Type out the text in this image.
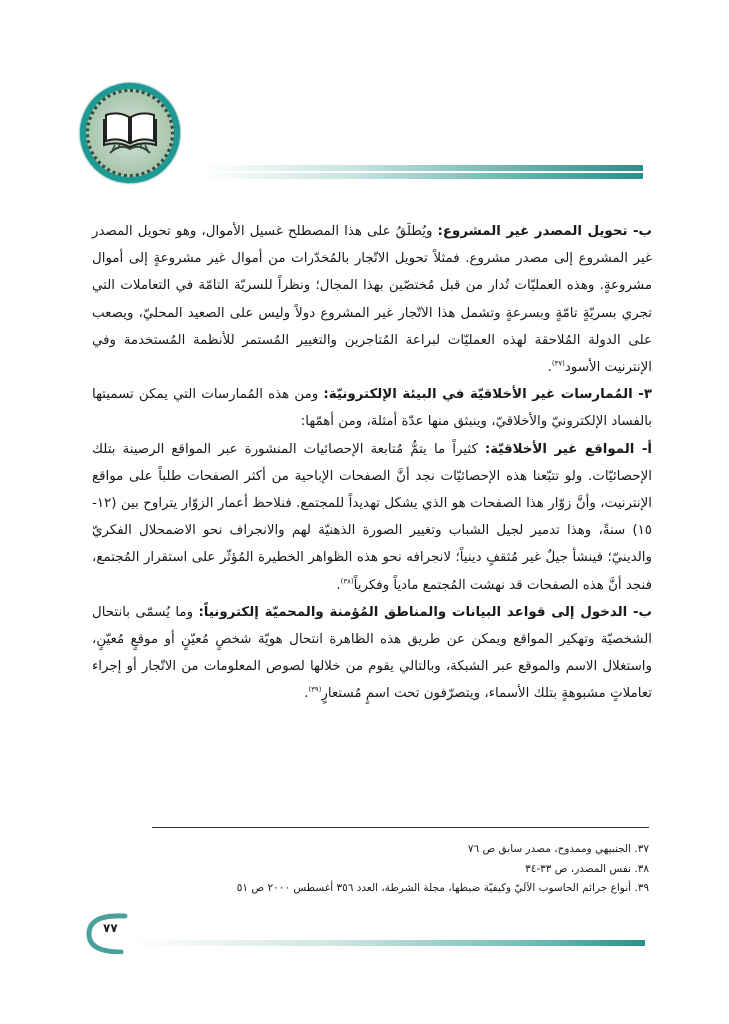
ب- تحويل المصدر غير المشروع: ويُطلَقُ على هذا المصطلح غسيل الأموال، وهو تحويل المصدر غير المشروع إلى مصدر مشروع. فمثلاً تحويل الاتّجار بالمُخدّرات من أموال غير مشروعةٍ إلى أموال مشروعةٍ. وهذه العمليّات تُدار من قبل مُختصّين بهذا المجال؛ ونظراً للسريّة التامّة في التعاملات التي تجري بسريّةٍ تامّةٍ وبسرعةٍ وتشمل هذا الاتّجار غير المشروع دولاً وليس على الصعيد المحليّ، ويصعب على الدولة المُلاحقة لهذه العمليّات لبراعة المُتاجرين والتغيير المُستمر للأنظمة المُستخدمة وفي الإنترنيت الأسود$^{(٣٧)}$.

٣- المُمارسات غير الأخلاقيّة في البيئة الإلكترونيّة: ومن هذه المُمارسات التي يمكن تسميتها بالفساد الإلكترونيّ والأخلاقيّ، وينبثق منها عدّة أمثلة، ومن أهمّها:

أ- المواقع غير الأخلاقيّة: كثيراً ما يتمُّ مُتابعة الإحصائيات المنشورة عبر المواقع الرصينة بتلك الإحصائيّات. ولو تتبّعنا هذه الإحصائيّات نجد أنَّ الصفحات الإباحية من أكثر الصفحات طلباً على مواقع الإنترنيت، وأنَّ زوّار هذا الصفحات هو الذي يشكل تهديداً للمجتمع. فنلاحظ أعمار الزوّار يتراوح بين (١٢- ١٥) سنةً، وهذا تدمير لجيل الشباب وتغيير الصورة الذهنيّة لهم والانجراف نحو الاضمحلال الفكريّ والدينيّ؛ فينشأ جيلٌ غير مُثقفٍ دينياً؛ لانجرافه نحو هذه الظواهر الخطيرة المُؤثّر على استقرار المُجتمع، فنجد أنَّ هذه الصفحات قد نهشت المُجتمع مادياً وفكرياً$^{(٣٨)}$.

ب- الدخول إلى قواعد البيانات والمناطق المُؤمنة والمحميّة إلكترونياً: وما يُسمّى بانتحال الشخصيّة وتهكير المواقع ويمكن عن طريق هذه الظاهرة انتحال هويّة شخصٍ مُعيّنٍ أو موقعٍ مُعيّنٍ، واستغلال الاسم والموقع عبر الشبكة، وبالتالي يقوم من خلالها لصوص المعلومات من الاتّجار أو إجراء تعاملاتٍ مشبوهةٍ بتلك الأسماء، ويتصرّفون تحت اسمٍ مُستعارٍ$^{(٣٩)}$.

٣٧. الجنبيهي وممدوح، مصدر سابق ص ٧٦
٣٨. نفس المصدر، ص ٣٣-٣٤
٣٩. أنواع جرائم الحاسوب الآليّ وكيفيّة ضبطها، مجلة الشرطة، العدد ٣٥٦ أغسطس ٢٠٠٠ ص ٥١
٧٧
